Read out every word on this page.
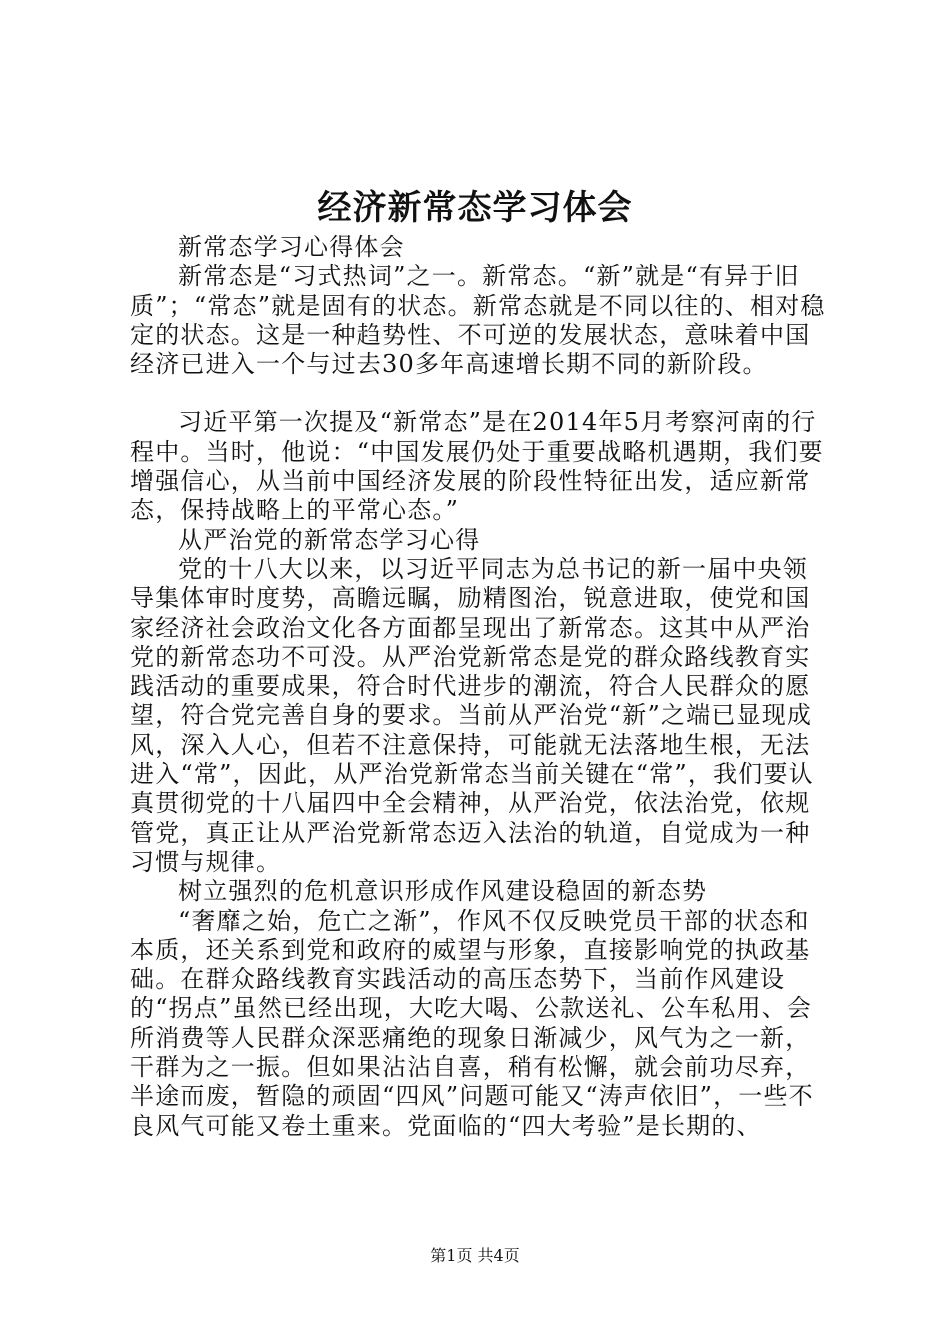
经济新常态学习体会

新常态学习心得体会

新常态是“习式热词”之一。新常态。“新”就是“有异于旧质”；“常态”就是固有的状态。新常态就是不同以往的、相对稳定的状态。这是一种趋势性、不可逆的发展状态，意味着中国经济已进入一个与过去30多年高速增长期不同的新阶段。

习近平第一次提及“新常态”是在2014年5月考察河南的行程中。当时，他说：“中国发展仍处于重要战略机遇期，我们要增强信心，从当前中国经济发展的阶段性特征出发，适应新常态，保持战略上的平常心态。”

从严治党的新常态学习心得

党的十八大以来，以习近平同志为总书记的新一届中央领导集体审时度势，高瞻远瞩，励精图治，锐意进取，使党和国家经济社会政治文化各方面都呈现出了新常态。这其中从严治党的新常态功不可没。从严治党新常态是党的群众路线教育实践活动的重要成果，符合时代进步的潮流，符合人民群众的愿望，符合党完善自身的要求。当前从严治党“新”之端已显现成风，深入人心，但若不注意保持，可能就无法落地生根，无法进入“常”，因此，从严治党新常态当前关键在“常”，我们要认真贯彻党的十八届四中全会精神，从严治党，依法治党，依规管党，真正让从严治党新常态迈入法治的轨道，自觉成为一种习惯与规律。

树立强烈的危机意识形成作风建设稳固的新态势

“奢靡之始，危亡之渐”，作风不仅反映党员干部的状态和本质，还关系到党和政府的威望与形象，直接影响党的执政基础。在群众路线教育实践活动的高压态势下，当前作风建设的“拐点”虽然已经出现，大吃大喝、公款送礼、公车私用、会所消费等人民群众深恶痛绝的现象日渐减少，风气为之一新，干群为之一振。但如果沾沾自喜，稍有松懈，就会前功尽弃，半途而废，暂隐的顽固“四风”问题可能又“涛声依旧”，一些不良风气可能又卷土重来。党面临的“四大考验”是长期的、

第1页 共4页
